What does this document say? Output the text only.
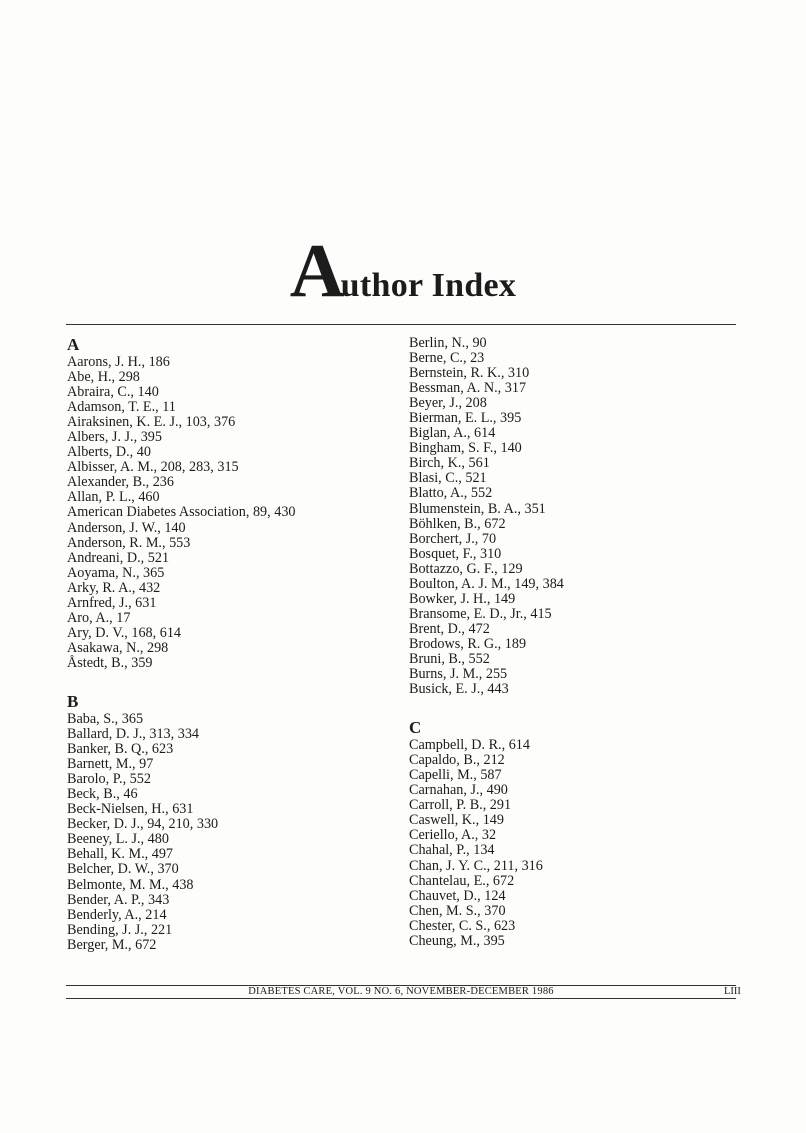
Author Index
A
Aarons, J. H., 186
Abe, H., 298
Abraira, C., 140
Adamson, T. E., 11
Airaksinen, K. E. J., 103, 376
Albers, J. J., 395
Alberts, D., 40
Albisser, A. M., 208, 283, 315
Alexander, B., 236
Allan, P. L., 460
American Diabetes Association, 89, 430
Anderson, J. W., 140
Anderson, R. M., 553
Andreani, D., 521
Aoyama, N., 365
Arky, R. A., 432
Arnfred, J., 631
Aro, A., 17
Ary, D. V., 168, 614
Asakawa, N., 298
Åstedt, B., 359
B
Baba, S., 365
Ballard, D. J., 313, 334
Banker, B. Q., 623
Barnett, M., 97
Barolo, P., 552
Beck, B., 46
Beck-Nielsen, H., 631
Becker, D. J., 94, 210, 330
Beeney, L. J., 480
Behall, K. M., 497
Belcher, D. W., 370
Belmonte, M. M., 438
Bender, A. P., 343
Benderly, A., 214
Bending, J. J., 221
Berger, M., 672
Berlin, N., 90
Berne, C., 23
Bernstein, R. K., 310
Bessman, A. N., 317
Beyer, J., 208
Bierman, E. L., 395
Biglan, A., 614
Bingham, S. F., 140
Birch, K., 561
Blasi, C., 521
Blatto, A., 552
Blumenstein, B. A., 351
Böhlken, B., 672
Borchert, J., 70
Bosquet, F., 310
Bottazzo, G. F., 129
Boulton, A. J. M., 149, 384
Bowker, J. H., 149
Bransome, E. D., Jr., 415
Brent, D., 472
Brodows, R. G., 189
Bruni, B., 552
Burns, J. M., 255
Busick, E. J., 443
C
Campbell, D. R., 614
Capaldo, B., 212
Capelli, M., 587
Carnahan, J., 490
Carroll, P. B., 291
Caswell, K., 149
Ceriello, A., 32
Chahal, P., 134
Chan, J. Y. C., 211, 316
Chantelau, E., 672
Chauvet, D., 124
Chen, M. S., 370
Chester, C. S., 623
Cheung, M., 395
DIABETES CARE, VOL. 9 NO. 6, NOVEMBER-DECEMBER 1986	LIII
